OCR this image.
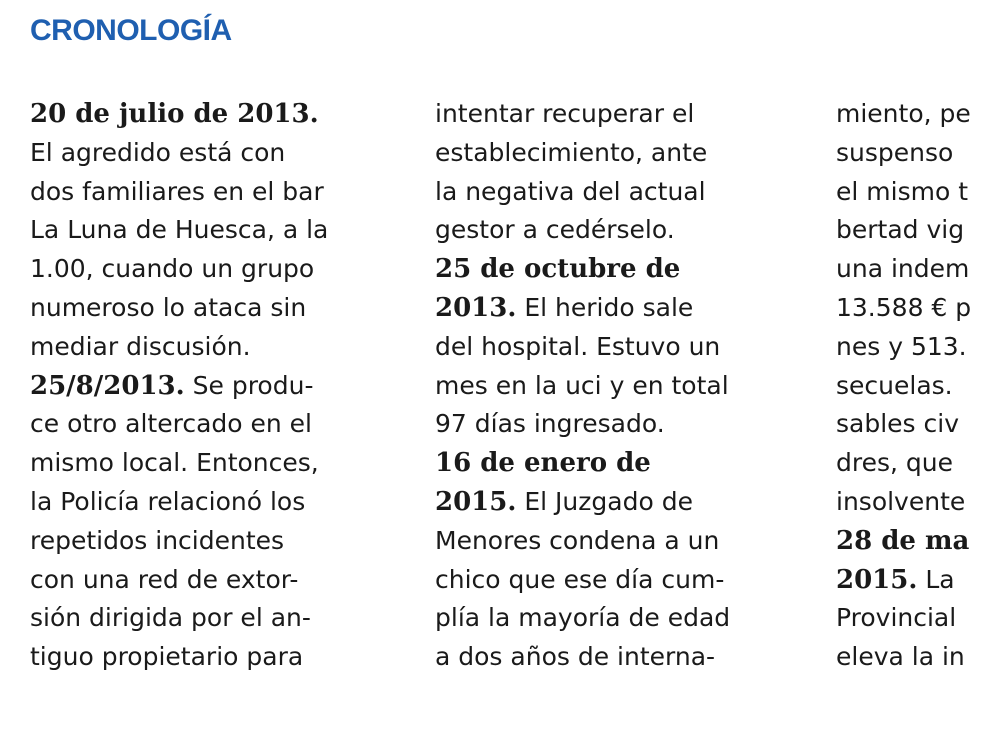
CRONOLOGÍA
20 de julio de 2013.
El agredido está con
dos familiares en el bar
La Luna de Huesca, a la
1.00, cuando un grupo
numeroso lo ataca sin
mediar discusión.
25/8/2013. Se produ-
ce otro altercado en el
mismo local. Entonces,
la Policía relacionó los
repetidos incidentes
con una red de extor-
sión dirigida por el an-
tiguo propietario para
intentar recuperar el
establecimiento, ante
la negativa del actual
gestor a cedérselo.
25 de octubre de
2013. El herido sale
del hospital. Estuvo un
mes en la uci y en total
97 días ingresado.
16 de enero de
2015. El Juzgado de
Menores condena a un
chico que ese día cum-
plía la mayoría de edad
a dos años de interna-
miento, pe
suspenso
el mismo t
bertad vig
una indem
13.588 € p
nes y 513.
secuelas.
sables civ
dres, que
insolvente
28 de ma
2015. La
Provincial
eleva la in
